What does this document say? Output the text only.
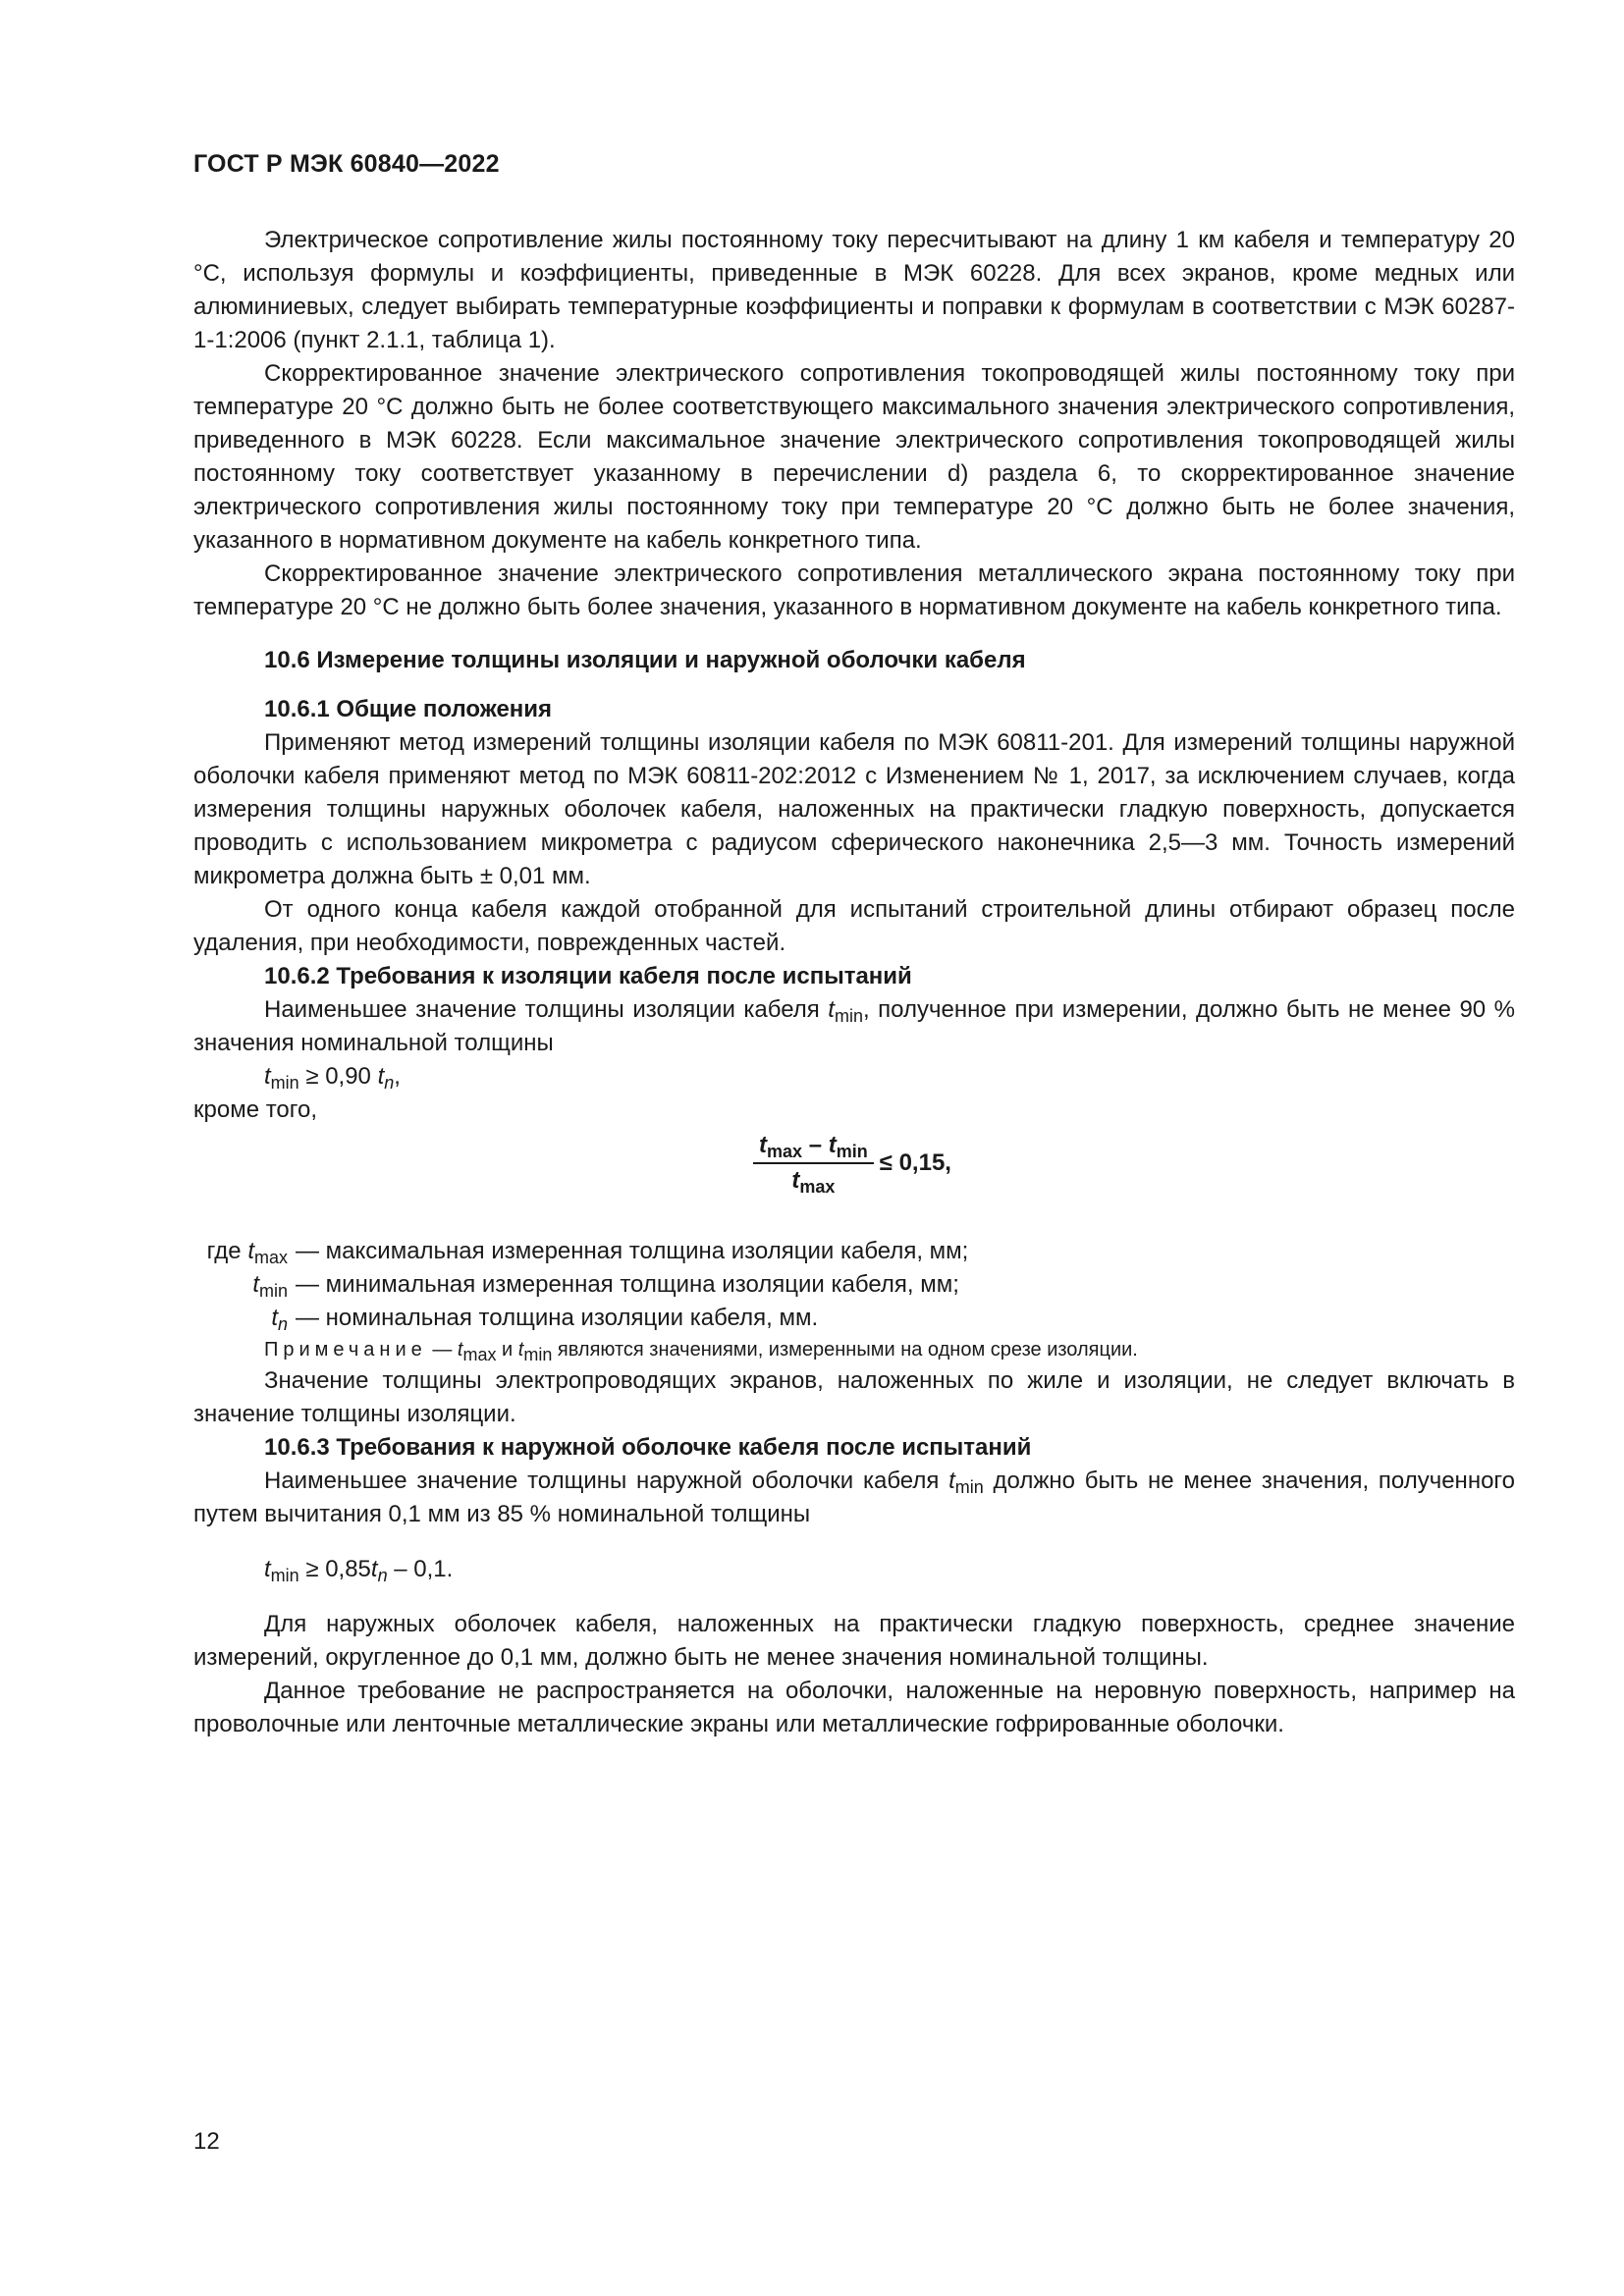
ГОСТ Р МЭК 60840—2022

Электрическое сопротивление жилы постоянному току пересчитывают на длину 1 км кабеля и температуру 20 °С, используя формулы и коэффициенты, приведенные в МЭК 60228. Для всех экранов, кроме медных или алюминиевых, следует выбирать температурные коэффициенты и поправки к формулам в соответствии с МЭК 60287-1-1:2006 (пункт 2.1.1, таблица 1).

Скорректированное значение электрического сопротивления токопроводящей жилы постоянному току при температуре 20 °С должно быть не более соответствующего максимального значения электрического сопротивления, приведенного в МЭК 60228. Если максимальное значение электрического сопротивления токопроводящей жилы постоянному току соответствует указанному в перечислении d) раздела 6, то скорректированное значение электрического сопротивления жилы постоянному току при температуре 20 °С должно быть не более значения, указанного в нормативном документе на кабель конкретного типа.

Скорректированное значение электрического сопротивления металлического экрана постоянному току при температуре 20 °С не должно быть более значения, указанного в нормативном документе на кабель конкретного типа.

10.6 Измерение толщины изоляции и наружной оболочки кабеля
10.6.1 Общие положения

Применяют метод измерений толщины изоляции кабеля по МЭК 60811-201. Для измерений толщины наружной оболочки кабеля применяют метод по МЭК 60811-202:2012 с Изменением № 1, 2017, за исключением случаев, когда измерения толщины наружных оболочек кабеля, наложенных на практически гладкую поверхность, допускается проводить с использованием микрометра с радиусом сферического наконечника 2,5—3 мм. Точность измерений микрометра должна быть ± 0,01 мм.

От одного конца кабеля каждой отобранной для испытаний строительной длины отбирают образец после удаления, при необходимости, поврежденных частей.

10.6.2 Требования к изоляции кабеля после испытаний

Наименьшее значение толщины изоляции кабеля $t_{min}$, полученное при измерении, должно быть не менее 90 % значения номинальной толщины

$t_{min} \ge 0,90$ $t_n$,

кроме того,

$\frac{t_{max} - t_{min}}{t_{max}} \le 0,15$,
где $t_{max}$ — максимальная измеренная толщина изоляции кабеля, мм;
$t_{min}$ — минимальная измеренная толщина изоляции кабеля, мм;
$t_n$ — номинальная толщина изоляции кабеля, мм.

Примечание — $t_{max}$ и $t_{min}$ являются значениями, измеренными на одном срезе изоляции.

Значение толщины электропроводящих экранов, наложенных по жиле и изоляции, не следует включать в значение толщины изоляции.

10.6.3 Требования к наружной оболочке кабеля после испытаний

Наименьшее значение толщины наружной оболочки кабеля $t_{min}$ должно быть не менее значения, полученного путем вычитания 0,1 мм из 85 % номинальной толщины

$t_{min} \ge 0,85t_n - 0,1$.

Для наружных оболочек кабеля, наложенных на практически гладкую поверхность, среднее значение измерений, округленное до 0,1 мм, должно быть не менее значения номинальной толщины.

Данное требование не распространяется на оболочки, наложенные на неровную поверхность, например на проволочные или ленточные металлические экраны или металлические гофрированные оболочки.

12
